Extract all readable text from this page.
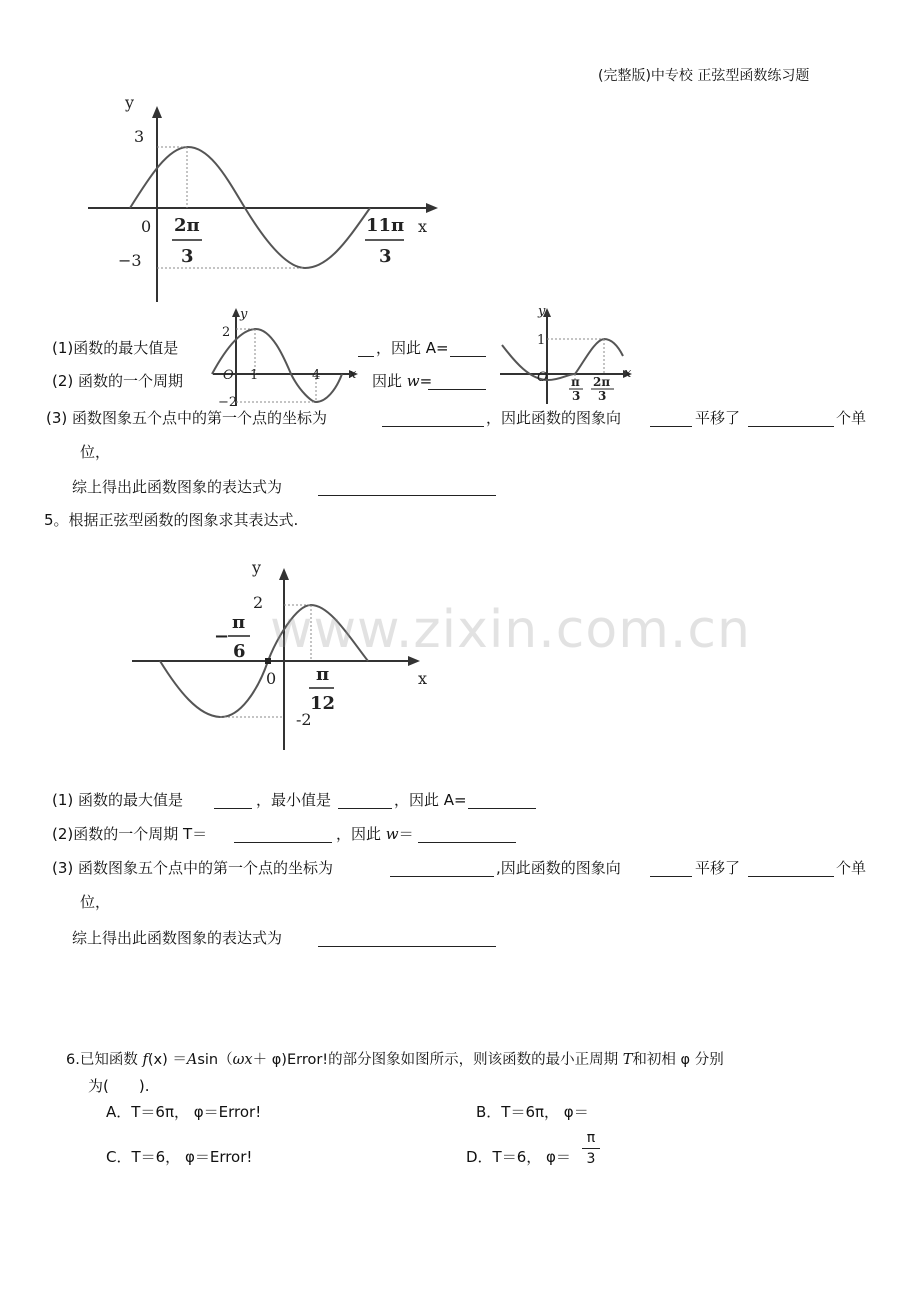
(完整版)中专校 正弦型函数练习题
y
x
3
−3
0 2π
3
11π
3
y
x
2
−2
O 1	4
y
x
1
O π
3
2π
3
(1)函数的最大值是	，因此 A=
(2) 函数的一个周期	因此 w=
(3) 函数图象五个点中的第一个点的坐标为	，因此函数的图象向	平移了	个单
位，
综上得出此函数图象的表达式为
5。根据正弦型函数的图象求其表达式.
y
x
2
-2
0
−
π
6
π
12
www.zixin.com.cn
(1) 函数的最大值是	，最小值是	，因此 A=
(2)函数的一个周期 T＝	，因此 w＝
(3) 函数图象五个点中的第一个点的坐标为	,因此函数的图象向	平移了	个单
位，
综上得出此函数图象的表达式为
6.已知函数 f(x) ＝Asin（ωx＋ φ)Error!的部分图象如图所示，则该函数的最小正周期 T和初相 φ 分别
为(　　).
A．T＝6π， φ＝Error!	B．T＝6π， φ＝
C．T＝6， φ＝Error!	D．T＝6， φ＝
π
3
